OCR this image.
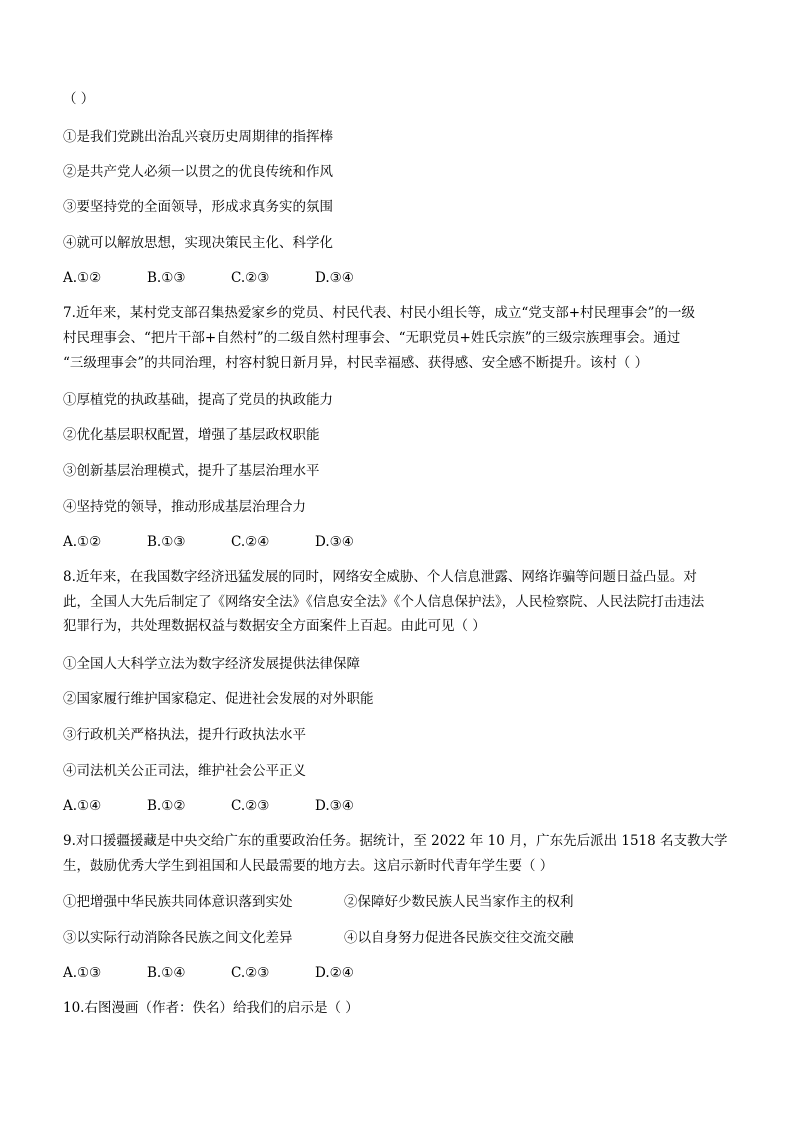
（ ）
①是我们党跳出治乱兴衰历史周期律的指挥棒
②是共产党人必须一以贯之的优良传统和作风
③要坚持党的全面领导，形成求真务实的氛围
④就可以解放思想，实现决策民主化、科学化
A.①②	B.①③	C.②③	D.③④
7.近年来，某村党支部召集热爱家乡的党员、村民代表、村民小组长等，成立“党支部+村民理事会”的一级
村民理事会、“把片干部+自然村”的二级自然村理事会、“无职党员+姓氏宗族”的三级宗族理事会。通过
“三级理事会”的共同治理，村容村貌日新月异，村民幸福感、获得感、安全感不断提升。该村（ ）
①厚植党的执政基础，提高了党员的执政能力
②优化基层职权配置，增强了基层政权职能
③创新基层治理模式，提升了基层治理水平
④坚持党的领导，推动形成基层治理合力
A.①②	B.①③	C.②④	D.③④
8.近年来，在我国数字经济迅猛发展的同时，网络安全威胁、个人信息泄露、网络诈骗等问题日益凸显。对
此，全国人大先后制定了《网络安全法》《信息安全法》《个人信息保护法》，人民检察院、人民法院打击违法
犯罪行为，共处理数据权益与数据安全方面案件上百起。由此可见（ ）
①全国人大科学立法为数字经济发展提供法律保障
②国家履行维护国家稳定、促进社会发展的对外职能
③行政机关严格执法，提升行政执法水平
④司法机关公正司法，维护社会公平正义
A.①④	B.①②	C.②③	D.③④
9.对口援疆援藏是中央交给广东的重要政治任务。据统计，至 2022 年 10 月，广东先后派出 1518 名支教大学
生，鼓励优秀大学生到祖国和人民最需要的地方去。这启示新时代青年学生要（ ）
①把增强中华民族共同体意识落到实处	②保障好少数民族人民当家作主的权利
③以实际行动消除各民族之间文化差异	④以自身努力促进各民族交往交流交融
A.①③	B.①④	C.②③	D.②④
10.右图漫画（作者：佚名）给我们的启示是（ ）
